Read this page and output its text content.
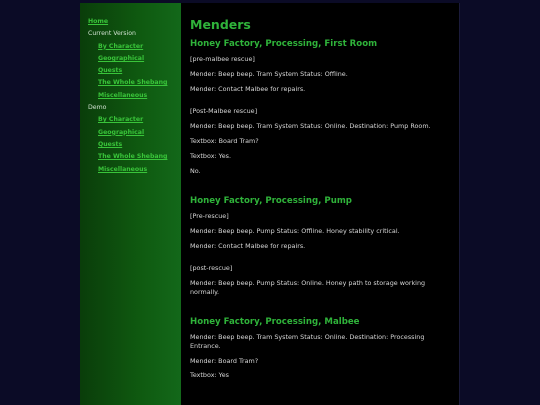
Home
Current Version
By Character
Geographical
Quests
The Whole Shebang
Miscellaneous
Demo
By Character
Geographical
Quests
The Whole Shebang
Miscellaneous
Menders
Honey Factory, Processing, First Room

[pre-malbee rescue]

Mender: Beep beep. Tram System Status: Offline.

Mender: Contact Malbee for repairs.

[Post-Malbee rescue]

Mender: Beep beep. Tram System Status: Online. Destination: Pump Room.

Textbox: Board Tram?

Textbox: Yes.

No.

Honey Factory, Processing, Pump

[Pre-rescue]

Mender: Beep beep. Pump Status: Offline. Honey stability critical.

Mender: Contact Malbee for repairs.

[post-rescue]

Mender: Beep beep. Pump Status: Online. Honey path to storage working normally.

Honey Factory, Processing, Malbee

Mender: Beep beep. Tram System Status: Online. Destination: Processing Entrance.

Mender: Board Tram?

Textbox: Yes
